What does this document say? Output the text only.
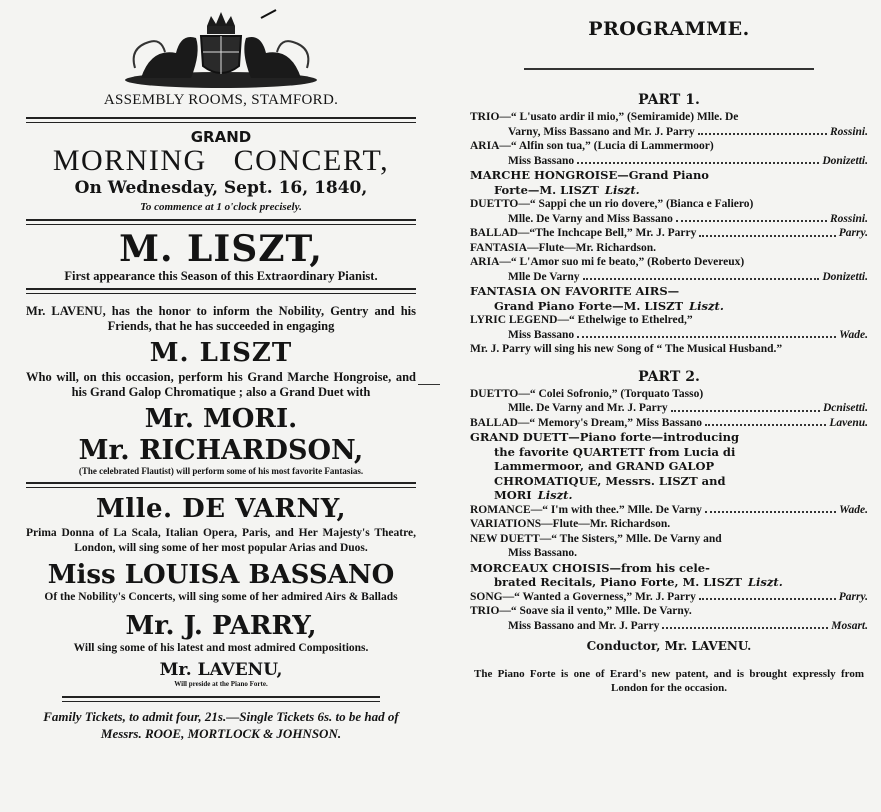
ASSEMBLY ROOMS, STAMFORD.
GRAND
MORNING CONCERT,
On Wednesday, Sept. 16, 1840,
To commence at 1 o'clock precisely.
M. LISZT,
First appearance this Season of this Extraordinary Pianist.
Mr. LAVENU, has the honor to inform the Nobility, Gentry and his Friends, that he has succeeded in engaging
M. LISZT
Who will, on this occasion, perform his Grand Marche Hongroise, and his Grand Galop Chromatique ; also a Grand Duet with
Mr. MORI.
Mr. RICHARDSON,
(The celebrated Flautist) will perform some of his most favorite Fantasias.
Mlle. DE VARNY,
Prima Donna of La Scala, Italian Opera, Paris, and Her Majesty's Theatre, London, will sing some of her most popular Arias and Duos.
Miss LOUISA BASSANO
Of the Nobility's Concerts, will sing some of her admired Airs & Ballads
Mr. J. PARRY,
Will sing some of his latest and most admired Compositions.
Mr. LAVENU,
Will preside at the Piano Forte.
Family Tickets, to admit four, 21s.—Single Tickets 6s. to be had of Messrs. ROOE, MORTLOCK & JOHNSON.
PROGRAMME.
PART 1.
TRIO—“ L'usato ardir il mio,” (Semiramide) Mlle. De
Varny, Miss Bassano and Mr. J. Parry	Rossini.
ARIA—“ Alfin son tua,” (Lucia di Lammermoor)
Miss Bassano	Donizetti.
MARCHE HONGROISE—Grand Piano
Forte—M. LISZT Liszt.
DUETTO—“ Sappi che un rio dovere,” (Bianca e Faliero)
Mlle. De Varny and Miss Bassano	Rossini.
BALLAD—“The Inchcape Bell,” Mr. J. Parry	Parry.
FANTASIA—Flute—Mr. Richardson.
ARIA—“ L'Amor suo mi fe beato,” (Roberto Devereux)
Mlle De Varny	Donizetti.
FANTASIA ON FAVORITE AIRS—
Grand Piano Forte—M. LISZT Liszt.
LYRIC LEGEND—“ Ethelwige to Ethelred,”
Miss Bassano	Wade.
Mr. J. Parry will sing his new Song of “ The Musical Husband.”
PART 2.
DUETTO—“ Colei Sofronio,” (Torquato Tasso)
Mlle. De Varny and Mr. J. Parry	Dcnisetti.
BALLAD—“ Memory's Dream,” Miss Bassano	Lavenu.
GRAND DUETT—Piano forte—introducing
the favorite QUARTETT from Lucia di
Lammermoor, and GRAND GALOP
CHROMATIQUE, Messrs. LISZT and
MORI Liszt.
ROMANCE—“ I'm with thee.” Mlle. De Varny	Wade.
VARIATIONS—Flute—Mr. Richardson.
NEW DUETT—“ The Sisters,” Mlle. De Varny and
Miss Bassano.
MORCEAUX CHOISIS—from his cele-
brated Recitals, Piano Forte, M. LISZT Liszt.
SONG—“ Wanted a Governess,” Mr. J. Parry	Parry.
TRIO—“ Soave sia il vento,” Mlle. De Varny.
Miss Bassano and Mr. J. Parry	Mosart.
Conductor, Mr. LAVENU.
The Piano Forte is one of Erard's new patent, and is brought expressly from London for the occasion.
